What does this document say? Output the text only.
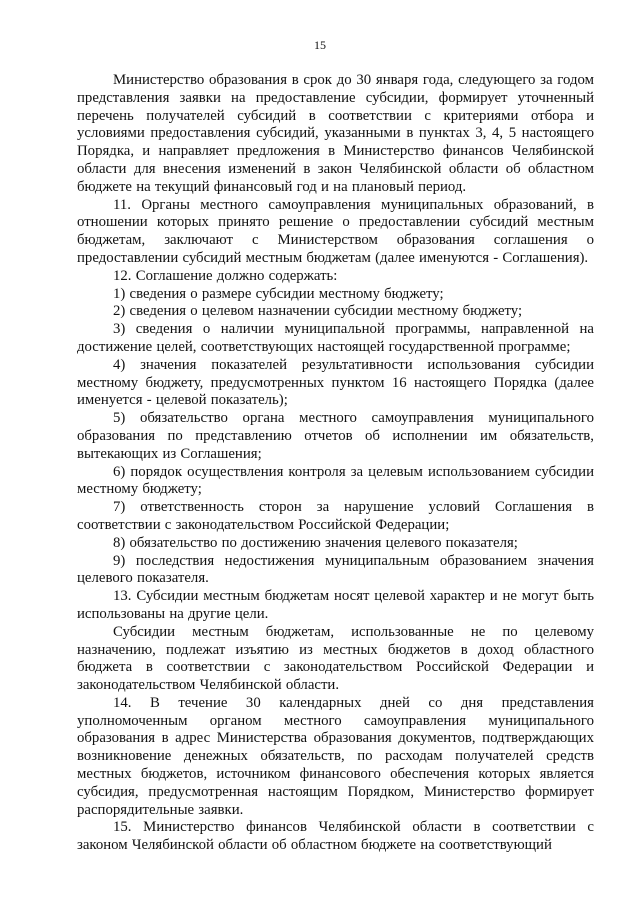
15

Министерство образования в срок до 30 января года, следующего за годом представления заявки на предоставление субсидии, формирует уточненный перечень получателей субсидий в соответствии с критериями отбора и условиями предоставления субсидий, указанными в пунктах 3, 4, 5 настоящего Порядка, и направляет предложения в Министерство финансов Челябинской области для внесения изменений в закон Челябинской области об областном бюджете на текущий финансовый год и на плановый период.

11. Органы местного самоуправления муниципальных образований, в отношении которых принято решение о предоставлении субсидий местным бюджетам, заключают с Министерством образования соглашения о предоставлении субсидий местным бюджетам (далее именуются - Соглашения).

12. Соглашение должно содержать:

1) сведения о размере субсидии местному бюджету;

2) сведения о целевом назначении субсидии местному бюджету;

3) сведения о наличии муниципальной программы, направленной на достижение целей, соответствующих настоящей государственной программе;

4) значения показателей результативности использования субсидии местному бюджету, предусмотренных пунктом 16 настоящего Порядка (далее именуется - целевой показатель);

5) обязательство органа местного самоуправления муниципального образования по представлению отчетов об исполнении им обязательств, вытекающих из Соглашения;

6) порядок осуществления контроля за целевым использованием субсидии местному бюджету;

7) ответственность сторон за нарушение условий Соглашения в соответствии с законодательством Российской Федерации;

8) обязательство по достижению значения целевого показателя;

9) последствия недостижения муниципальным образованием значения целевого показателя.

13. Субсидии местным бюджетам носят целевой характер и не могут быть использованы на другие цели.

Субсидии местным бюджетам, использованные не по целевому назначению, подлежат изъятию из местных бюджетов в доход областного бюджета в соответствии с законодательством Российской Федерации и законодательством Челябинской области.

14. В течение 30 календарных дней со дня представления уполномоченным органом местного самоуправления муниципального образования в адрес Министерства образования документов, подтверждающих возникновение денежных обязательств, по расходам получателей средств местных бюджетов, источником финансового обеспечения которых является субсидия, предусмотренная настоящим Порядком, Министерство формирует распорядительные заявки.

15. Министерство финансов Челябинской области в соответствии с законом Челябинской области об областном бюджете на соответствующий
